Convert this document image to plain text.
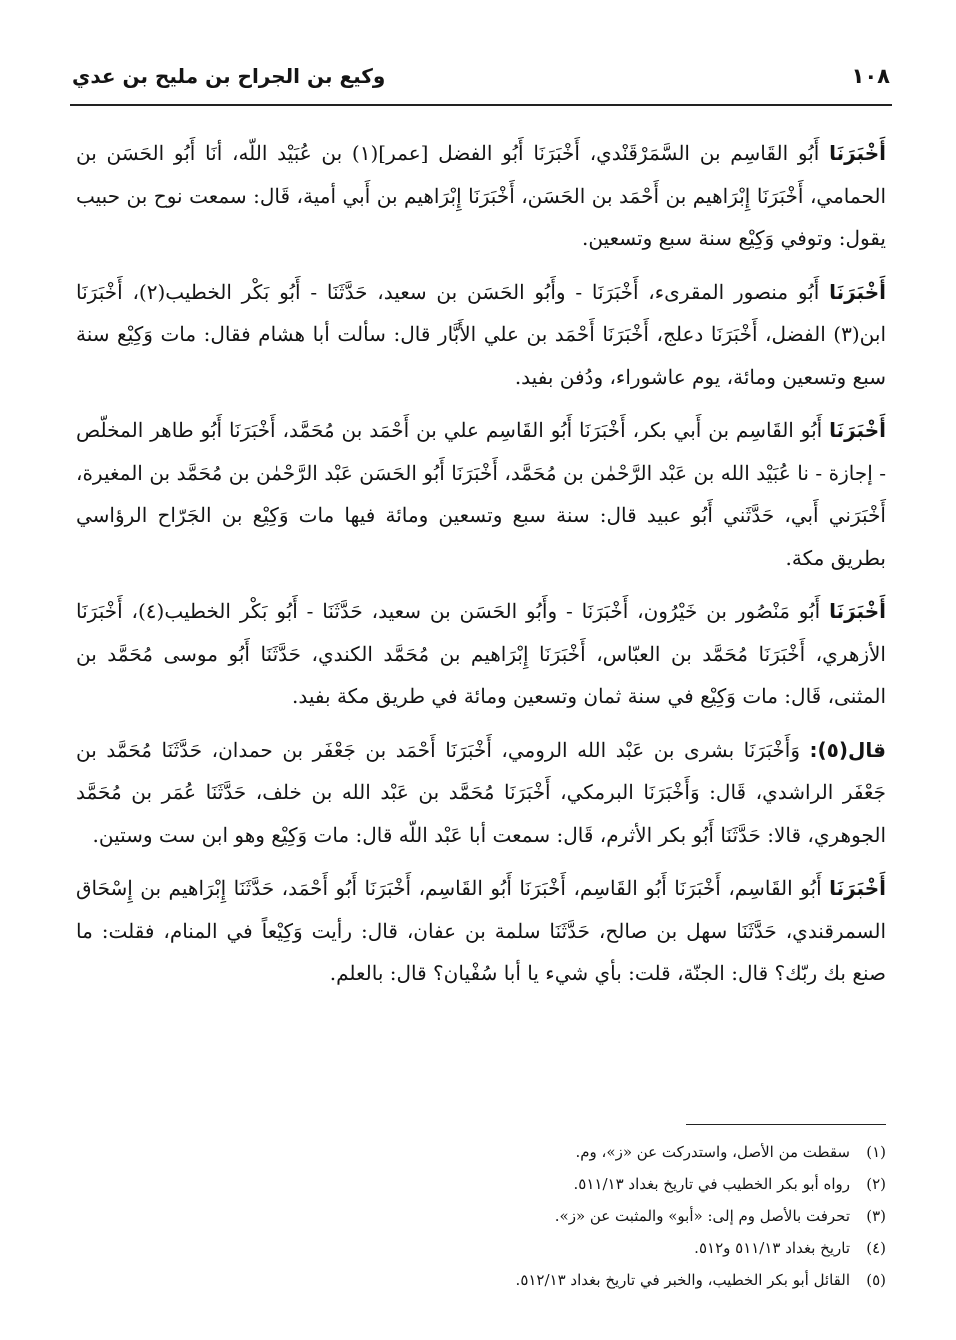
١٠٨
وكيع بن الجراح بن مليح بن عدي

أَخْبَرَنَا أَبُو القَاسِم بن السَّمَرْقَنْدي، أَخْبَرَنَا أَبُو الفضل [عمر](١) بن عُبَيْد اللّه، أنَا أَبُو الحَسَن بن الحمامي، أَخْبَرَنَا إِبْرَاهيم بن أَحْمَد بن الحَسَن، أَخْبَرَنَا إِبْرَاهيم بن أَبي أمية، قَال: سمعت نوح بن حبيب يقول: وتوفي وَكِيْع سنة سبع وتسعين.

أَخْبَرَنَا أَبُو منصور المقرىء، أَخْبَرَنَا - وأَبُو الحَسَن بن سعيد، حَدَّثَنَا - أَبُو بَكْر الخطيب(٢)، أَخْبَرَنَا ابن(٣) الفضل، أَخْبَرَنَا دعلج، أَخْبَرَنَا أَحْمَد بن علي الأَبَّار قال: سألت أبا هشام فقال: مات وَكِيْع سنة سبع وتسعين ومائة، يوم عاشوراء، ودُفن بفيد.

أَخْبَرَنَا أَبُو القَاسِم بن أَبي بكر، أَخْبَرَنَا أَبُو القَاسِم علي بن أَحْمَد بن مُحَمَّد، أَخْبَرَنَا أَبُو طاهر المخلّص - إجازة - نا عُبَيْد الله بن عَبْد الرَّحْمٰن بن مُحَمَّد، أَخْبَرَنَا أَبُو الحَسَن عَبْد الرَّحْمٰن بن مُحَمَّد بن المغيرة، أَخْبَرَني أَبي، حَدَّثَني أَبُو عبيد قال: سنة سبع وتسعين ومائة فيها مات وَكِيْع بن الجَرّاح الرؤاسي بطريق مكة.

أَخْبَرَنَا أَبُو مَنْصُور بن خَيْرُون، أَخْبَرَنَا - وأَبُو الحَسَن بن سعيد، حَدَّثَنَا - أَبُو بَكْر الخطيب(٤)، أَخْبَرَنَا الأزهري، أَخْبَرَنَا مُحَمَّد بن العبّاس، أَخْبَرَنَا إِبْرَاهيم بن مُحَمَّد الكندي، حَدَّثَنَا أَبُو موسى مُحَمَّد بن المثنى، قَال: مات وَكِيْع في سنة ثمان وتسعين ومائة في طريق مكة بفيد.

قال(٥): وَأَخْبَرَنَا بشرى بن عَبْد الله الرومي، أَخْبَرَنَا أَحْمَد بن جَعْفَر بن حمدان، حَدَّثَنَا مُحَمَّد بن جَعْفَر الراشدي، قَال: وَأَخْبَرَنَا البرمكي، أَخْبَرَنَا مُحَمَّد بن عَبْد الله بن خلف، حَدَّثَنَا عُمَر بن مُحَمَّد الجوهري، قالا: حَدَّثَنَا أَبُو بكر الأثرم، قَال: سمعت أبا عَبْد اللّه قال: مات وَكِيْع وهو ابن ست وستين.

أَخْبَرَنَا أَبُو القَاسِم، أَخْبَرَنَا أَبُو القَاسِم، أَخْبَرَنَا أَبُو القَاسِم، أَخْبَرَنَا أَبُو أَحْمَد، حَدَّثَنَا إِبْرَاهيم بن إِسْحَاق السمرقندي، حَدَّثَنَا سهل بن صالح، حَدَّثَنَا سلمة بن عفان، قال: رأيت وَكِيْعاً في المنام، فقلت: ما صنع بك ربّك؟ قال: الجنّة، قلت: بأي شيء يا أبا سُفْيان؟ قال: بالعلم.

(١)سقطت من الأصل، واستدركت عن «ز»، وم.
(٢)رواه أبو بكر الخطيب في تاريخ بغداد ٥١١/١٣.
(٣)تحرفت بالأصل وم إلى: «أبو» والمثبت عن «ز».
(٤)تاريخ بغداد ٥١١/١٣ و٥١٢.
(٥)القائل أبو بكر الخطيب، والخبر في تاريخ بغداد ٥١٢/١٣.
